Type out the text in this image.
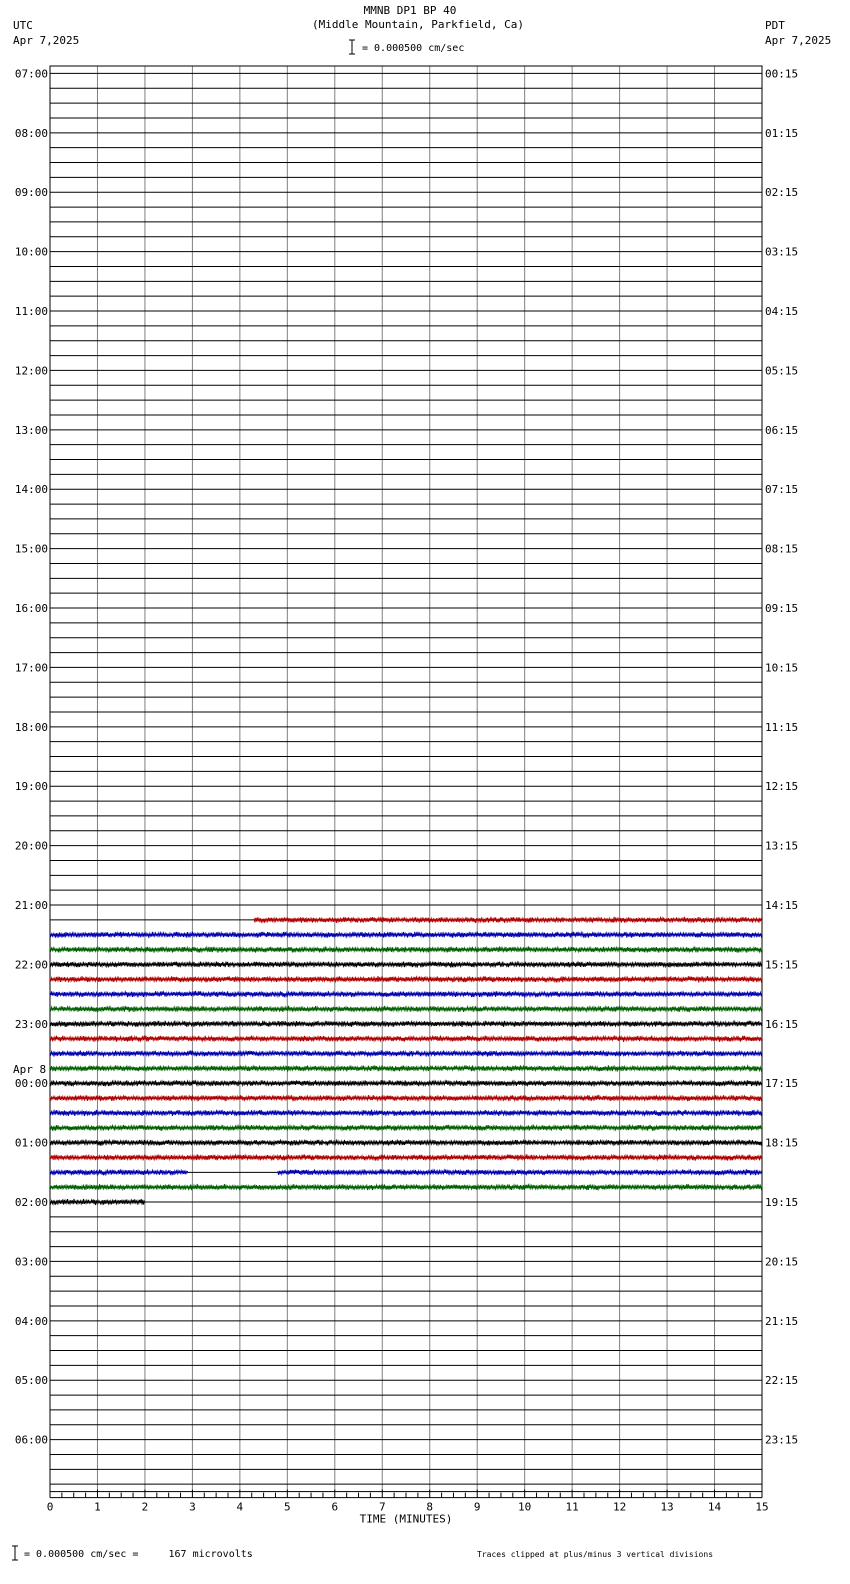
MMNB DP1 BP 40
(Middle Mountain, Parkfield, Ca)
UTC
Apr 7,2025
PDT
Apr 7,2025
= 0.000500 cm/sec
= 0.000500 cm/sec =     167 microvolts	Traces clipped at plus/minus 3 vertical divisions
0	1	2	3	4	5	6	7	8	9	10	11	12	13	14	15
TIME (MINUTES)
07:00
08:00
09:00
10:00
11:00
12:00
13:00
14:00
15:00
16:00
17:00
18:00
19:00
20:00
21:00
22:00
23:00
00:00
01:00
02:00
03:00
04:00
05:00
06:00
00:15
01:15
02:15
03:15
04:15
05:15
06:15
07:15
08:15
09:15
10:15
11:15
12:15
13:15
14:15
15:15
16:15
17:15
18:15
19:15
20:15
21:15
22:15
23:15
Apr 8
